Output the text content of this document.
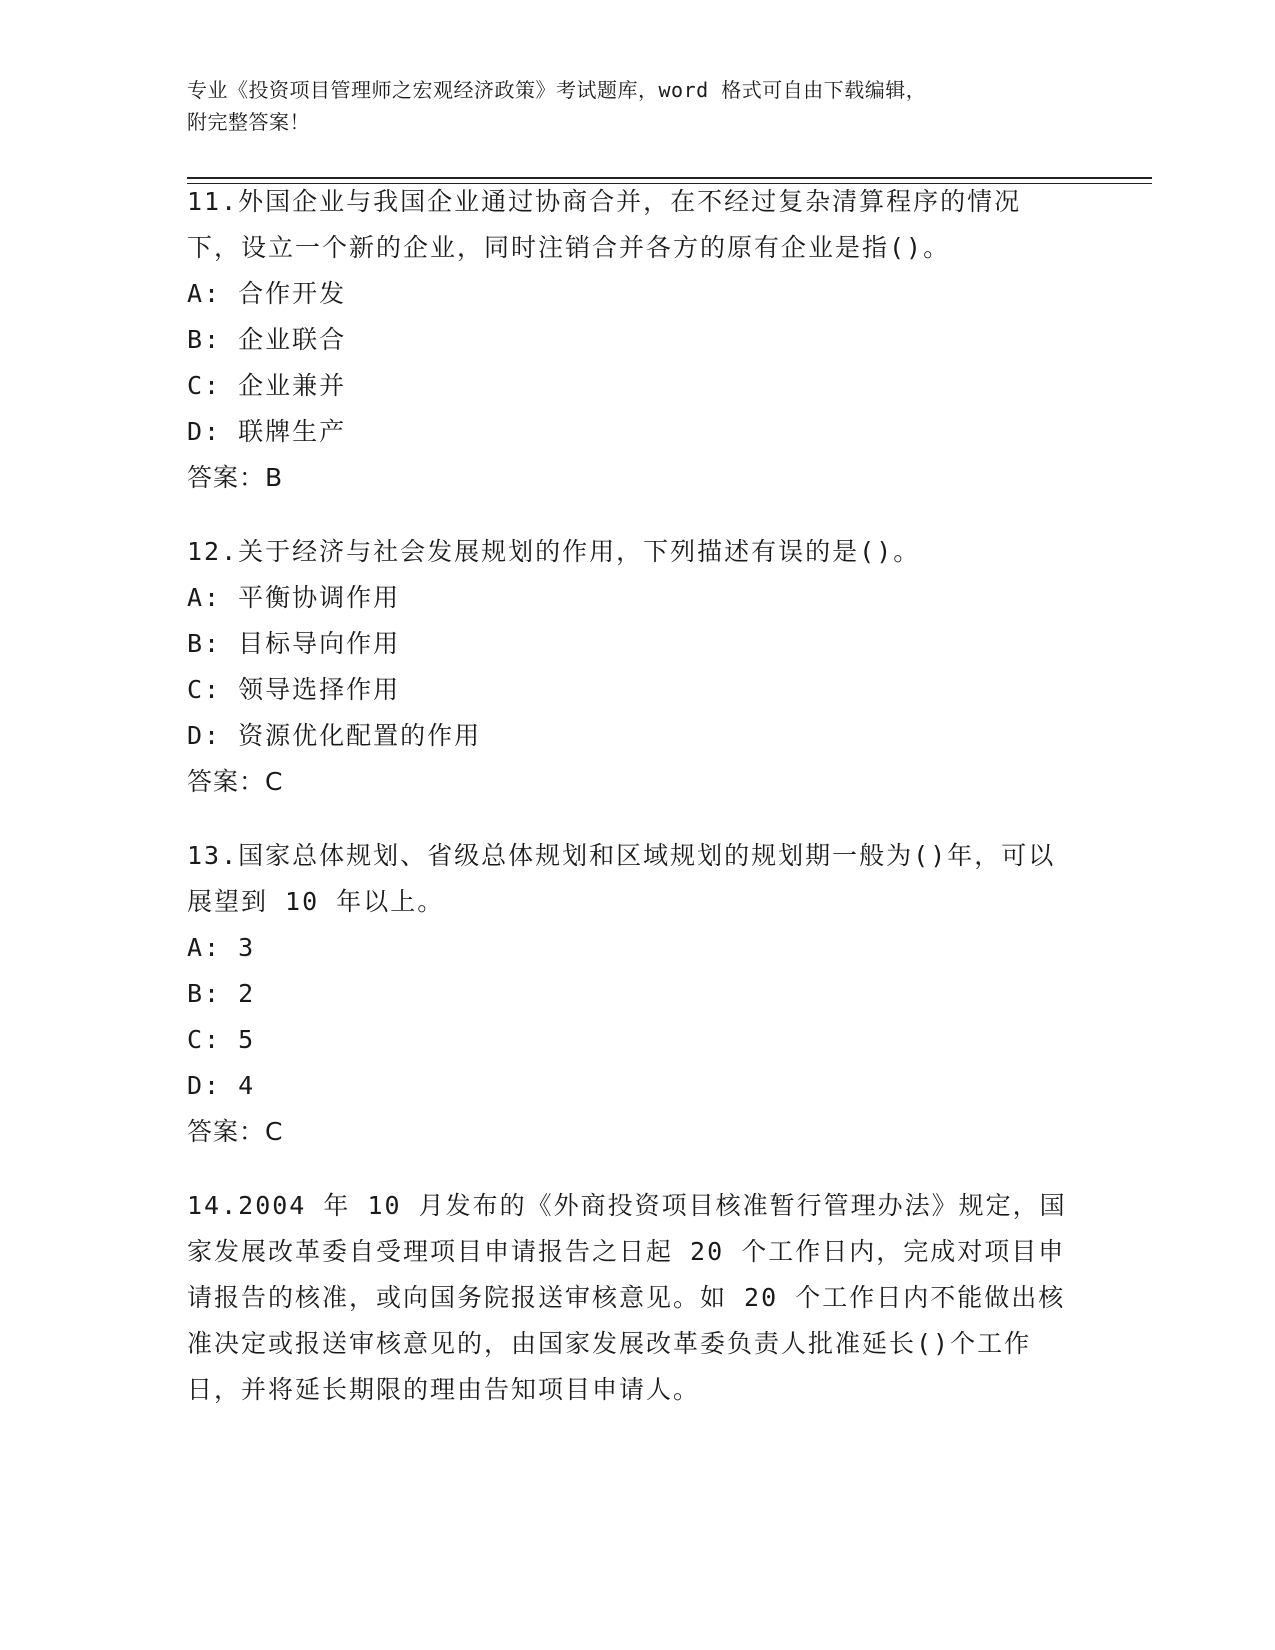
专业《投资项目管理师之宏观经济政策》考试题库，word 格式可自由下载编辑，
附完整答案！

11.外国企业与我国企业通过协商合并，在不经过复杂清算程序的情况下，设立一个新的企业，同时注销合并各方的原有企业是指()。

A: 合作开发

B: 企业联合

C: 企业兼并

D: 联牌生产

答案：B

12.关于经济与社会发展规划的作用，下列描述有误的是()。

A: 平衡协调作用

B: 目标导向作用

C: 领导选择作用

D: 资源优化配置的作用

答案：C

13.国家总体规划、省级总体规划和区域规划的规划期一般为()年，可以展望到 10 年以上。

A: 3

B: 2

C: 5

D: 4

答案：C

14.2004 年 10 月发布的《外商投资项目核准暂行管理办法》规定，国家发展改革委自受理项目申请报告之日起 20 个工作日内，完成对项目申请报告的核准，或向国务院报送审核意见。如 20 个工作日内不能做出核准决定或报送审核意见的，由国家发展改革委负责人批准延长()个工作日，并将延长期限的理由告知项目申请人。
